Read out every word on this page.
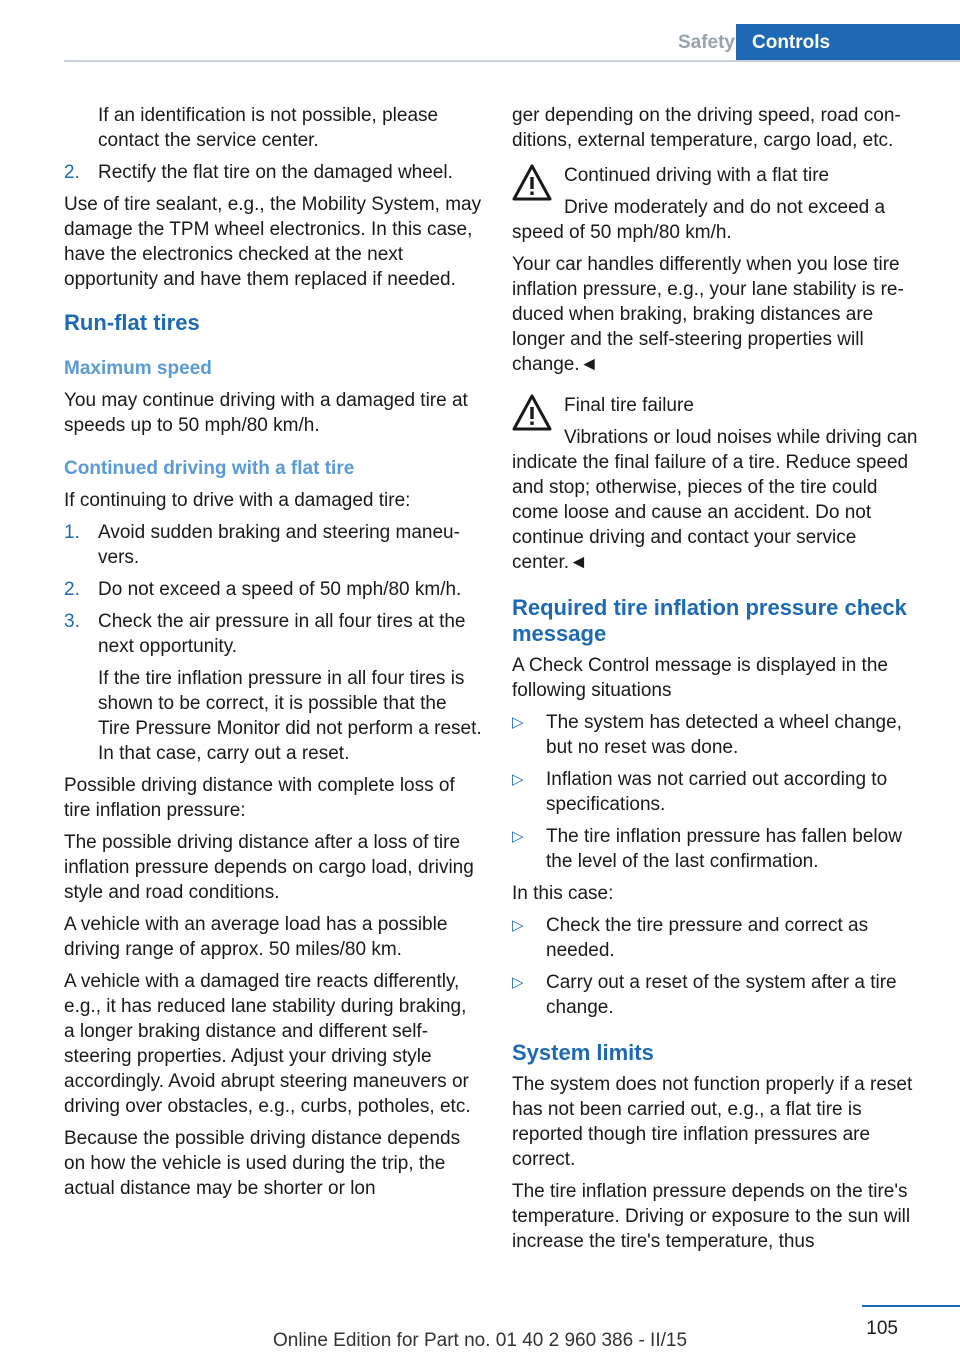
Safety Controls

If an identification is not possible, please contact the service center.

2. Rectify the flat tire on the damaged wheel.

Use of tire sealant, e.g., the Mobility System, may damage the TPM wheel electronics. In this case, have the electronics checked at the next opportunity and have them replaced if needed.

Run-flat tires
Maximum speed

You may continue driving with a damaged tire at speeds up to 50 mph/80 km/h.

Continued driving with a flat tire

If continuing to drive with a damaged tire:

1. Avoid sudden braking and steering maneuvers.
2. Do not exceed a speed of 50 mph/80 km/h.
3. Check the air pressure in all four tires at the next opportunity.
If the tire inflation pressure in all four tires is shown to be correct, it is possible that the Tire Pressure Monitor did not perform a reset. In that case, carry out a reset.

Possible driving distance with complete loss of tire inflation pressure:

The possible driving distance after a loss of tire inflation pressure depends on cargo load, driving style and road conditions.

A vehicle with an average load has a possible driving range of approx. 50 miles/80 km.

A vehicle with a damaged tire reacts differently, e.g., it has reduced lane stability during braking, a longer braking distance and different self-steering properties. Adjust your driving style accordingly. Avoid abrupt steering maneuvers or driving over obstacles, e.g., curbs, potholes, etc.

Because the possible driving distance depends on how the vehicle is used during the trip, the actual distance may be shorter or lon

ger depending on the driving speed, road conditions, external temperature, cargo load, etc.

Continued driving with a flat tire
Drive moderately and do not exceed a speed of 50 mph/80 km/h.

Your car handles differently when you lose tire inflation pressure, e.g., your lane stability is reduced when braking, braking distances are longer and the self-steering properties will change.◄

Final tire failure
Vibrations or loud noises while driving can indicate the final failure of a tire. Reduce speed and stop; otherwise, pieces of the tire could come loose and cause an accident. Do not continue driving and contact your service center.◄
Required tire inflation pressure check message

A Check Control message is displayed in the following situations

▷ The system has detected a wheel change, but no reset was done.
▷ Inflation was not carried out according to specifications.
▷ The tire inflation pressure has fallen below the level of the last confirmation.

In this case:

▷ Check the tire pressure and correct as needed.
▷ Carry out a reset of the system after a tire change.
System limits

The system does not function properly if a reset has not been carried out, e.g., a flat tire is reported though tire inflation pressures are correct.

The tire inflation pressure depends on the tire's temperature. Driving or exposure to the sun will increase the tire's temperature, thus

105
Online Edition for Part no. 01 40 2 960 386 - II/15
